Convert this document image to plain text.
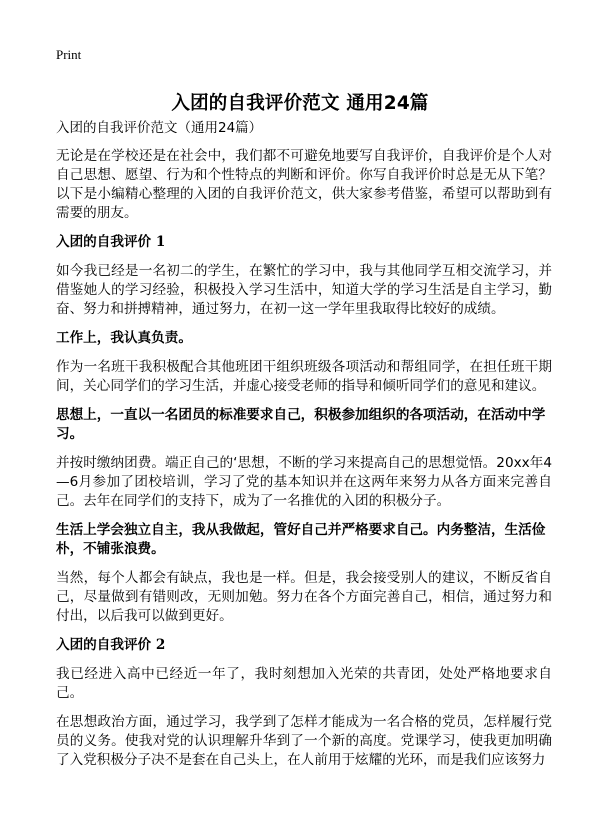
Print
入团的自我评价范文 通用24篇
入团的自我评价范文（通用24篇）

无论是在学校还是在社会中，我们都不可避免地要写自我评价，自我评价是个人对自己思想、愿望、行为和个性特点的判断和评价。你写自我评价时总是无从下笔？以下是小编精心整理的入团的自我评价范文，供大家参考借鉴，希望可以帮助到有需要的朋友。

入团的自我评价 1

如今我已经是一名初二的学生，在繁忙的学习中，我与其他同学互相交流学习，并借鉴她人的学习经验，积极投入学习生活中，知道大学的学习生活是自主学习，勤奋、努力和拼搏精神，通过努力，在初一这一学年里我取得比较好的成绩。

工作上，我认真负责。

作为一名班干我积极配合其他班团干组织班级各项活动和帮组同学，在担任班干期间，关心同学们的学习生活，并虚心接受老师的指导和倾听同学们的意见和建议。

思想上，一直以一名团员的标准要求自己，积极参加组织的各项活动，在活动中学习。

并按时缴纳团费。端正自己的‘思想，不断的学习来提高自己的思想觉悟。20xx年4—6月参加了团校培训，学习了党的基本知识并在这两年来努力从各方面来完善自己。去年在同学们的支持下，成为了一名推优的入团的积极分子。

生活上学会独立自主，我从我做起，管好自己并严格要求自己。内务整洁，生活俭朴，不铺张浪费。

当然，每个人都会有缺点，我也是一样。但是，我会接受别人的建议，不断反省自己，尽量做到有错则改，无则加勉。努力在各个方面完善自己，相信，通过努力和付出，以后我可以做到更好。

入团的自我评价 2

我已经进入高中已经近一年了，我时刻想加入光荣的共青团，处处严格地要求自己。

在思想政治方面，通过学习，我学到了怎样才能成为一名合格的党员，怎样履行党员的义务。使我对党的认识理解升华到了一个新的高度。党课学习，使我更加明确了入党积极分子决不是套在自己头上，在人前用于炫耀的光环，而是我们应该努力
